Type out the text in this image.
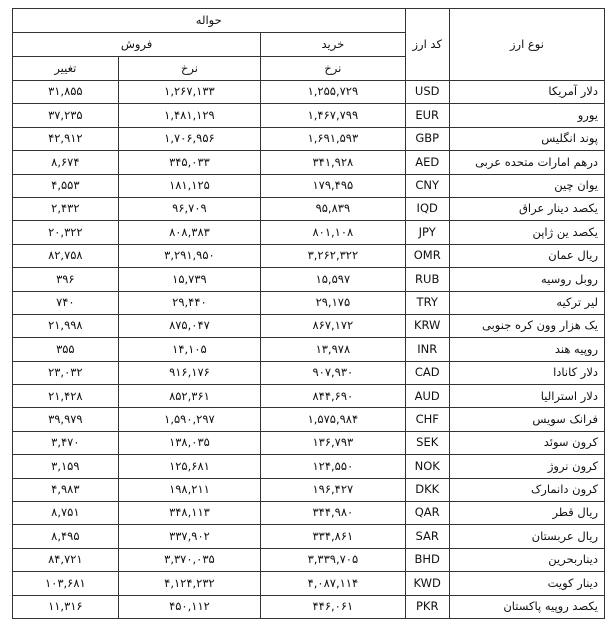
نوع ارز	کد ارز	حواله		
		خرید	فروش	
		نرخ	نرخ	تغییر
دلار آمریکا	USD	۱,۲۵۵,۷۲۹	۱,۲۶۷,۱۳۳	۳۱,۸۵۵
یورو	EUR	۱,۴۶۷,۷۹۹	۱,۴۸۱,۱۲۹	۳۷,۲۳۵
پوند انگلیس	GBP	۱,۶۹۱,۵۹۳	۱,۷۰۶,۹۵۶	۴۲,۹۱۲
درهم امارات متحده عربی	AED	۳۴۱,۹۲۸	۳۴۵,۰۳۳	۸,۶۷۴
یوان چین	CNY	۱۷۹,۴۹۵	۱۸۱,۱۲۵	۴,۵۵۳
یکصد دینار عراق	IQD	۹۵,۸۳۹	۹۶,۷۰۹	۲,۴۳۲
یکصد ین ژاپن	JPY	۸۰۱,۱۰۸	۸۰۸,۳۸۳	۲۰,۳۲۲
ریال عمان	OMR	۳,۲۶۲,۳۲۲	۳,۲۹۱,۹۵۰	۸۲,۷۵۸
روبل روسیه	RUB	۱۵,۵۹۷	۱۵,۷۳۹	۳۹۶
لیر ترکیه	TRY	۲۹,۱۷۵	۲۹,۴۴۰	۷۴۰
یک هزار وون کره جنوبی	KRW	۸۶۷,۱۷۲	۸۷۵,۰۴۷	۲۱,۹۹۸
روپیه هند	INR	۱۳,۹۷۸	۱۴,۱۰۵	۳۵۵
دلار کانادا	CAD	۹۰۷,۹۳۰	۹۱۶,۱۷۶	۲۳,۰۳۲
دلار استرالیا	AUD	۸۴۴,۶۹۰	۸۵۲,۳۶۱	۲۱,۴۲۸
فرانک سویس	CHF	۱,۵۷۵,۹۸۴	۱,۵۹۰,۲۹۷	۳۹,۹۷۹
کرون سوئد	SEK	۱۳۶,۷۹۳	۱۳۸,۰۳۵	۳,۴۷۰
کرون نروژ	NOK	۱۲۴,۵۵۰	۱۲۵,۶۸۱	۳,۱۵۹
کرون دانمارک	DKK	۱۹۶,۴۲۷	۱۹۸,۲۱۱	۴,۹۸۳
ریال قطر	QAR	۳۴۴,۹۸۰	۳۴۸,۱۱۳	۸,۷۵۱
ریال عربستان	SAR	۳۳۴,۸۶۱	۳۳۷,۹۰۲	۸,۴۹۵
دیناربحرین	BHD	۳,۳۳۹,۷۰۵	۳,۳۷۰,۰۳۵	۸۴,۷۲۱
دینار کویت	KWD	۴,۰۸۷,۱۱۴	۴,۱۲۴,۲۳۲	۱۰۳,۶۸۱
یکصد روپیه پاکستان	PKR	۴۴۶,۰۶۱	۴۵۰,۱۱۲	۱۱,۳۱۶
